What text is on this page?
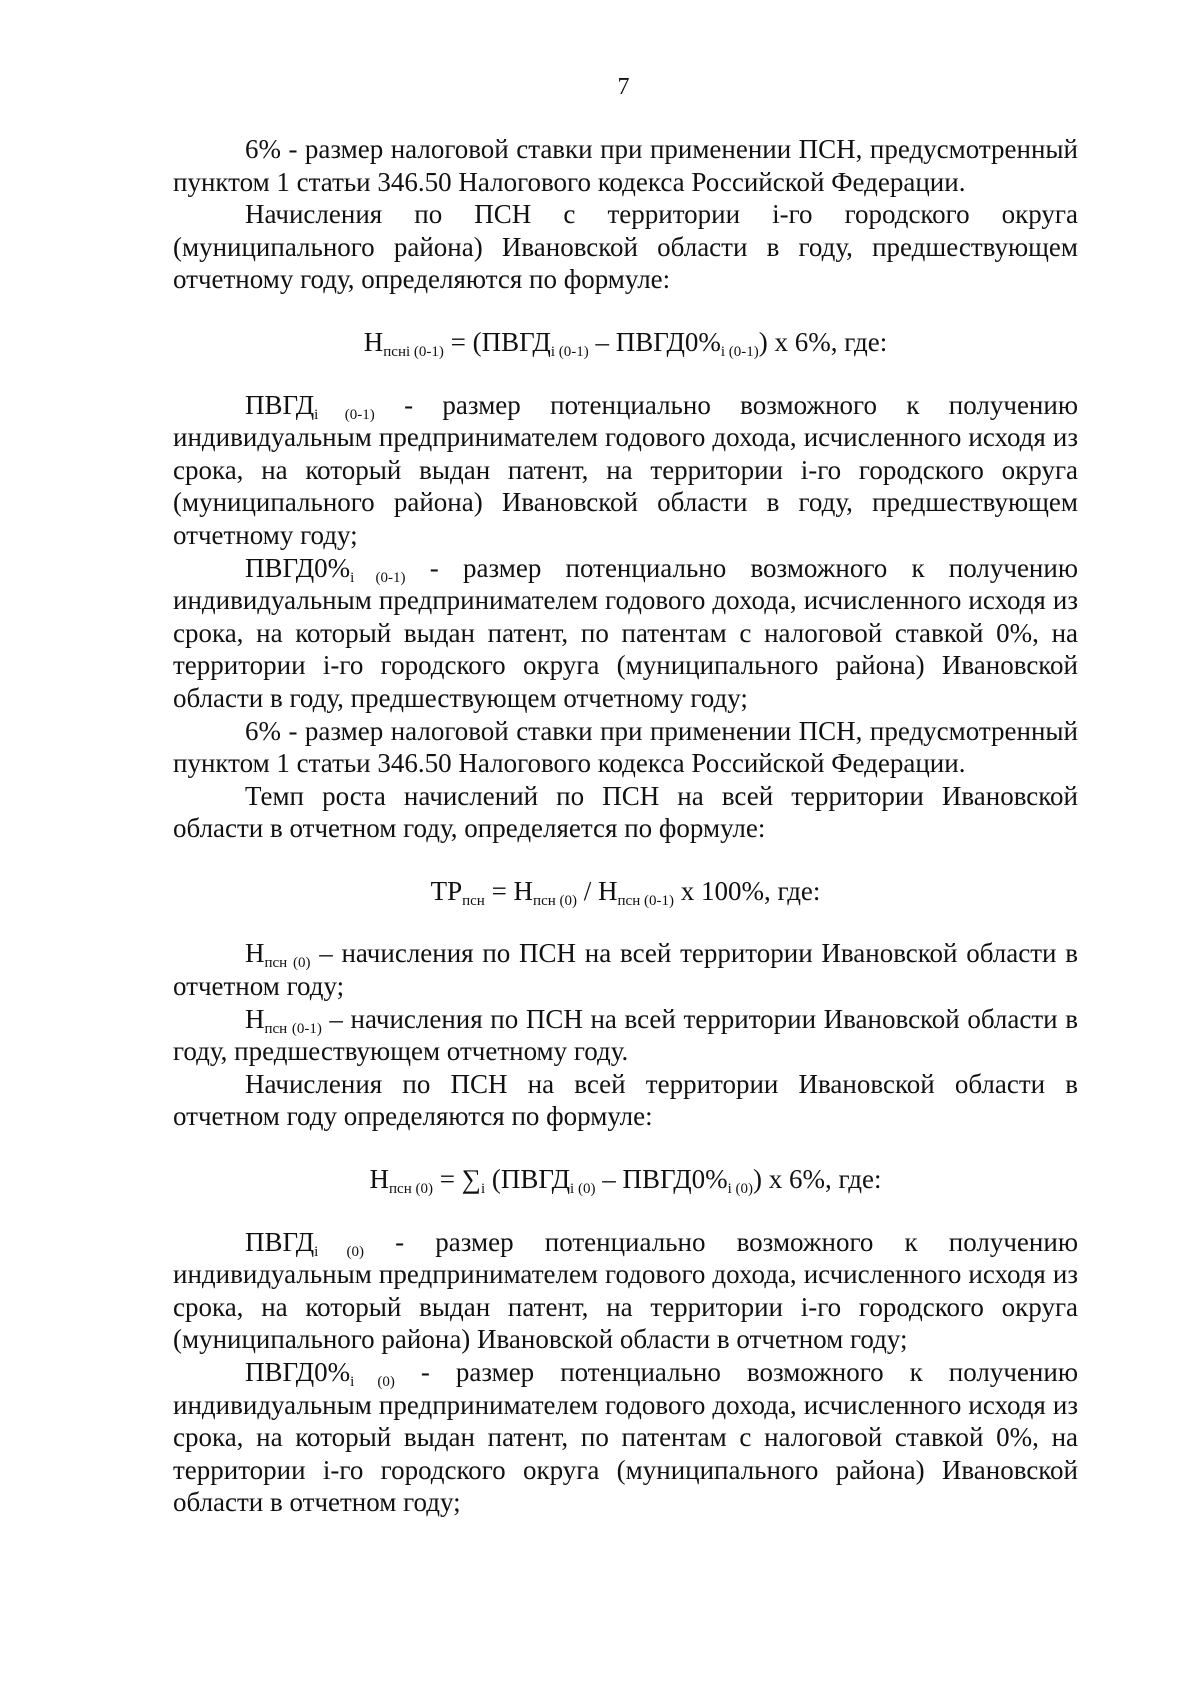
7

6% - размер налоговой ставки при применении ПСН, предусмотренный пунктом 1 статьи 346.50 Налогового кодекса Российской Федерации.

Начисления по ПСН с территории i-го городского округа (муниципального района) Ивановской области в году, предшествующем отчетному году, определяются по формуле:

$Н_{псні (0-1)}$ = ($ПВГД_{i (0-1)}$ – $ПВГД0\%_{i (0-1)}$) x 6%, где:

$ПВГД_{i (0-1)}$ - размер потенциально возможного к получению индивидуальным предпринимателем годового дохода, исчисленного исходя из срока, на который выдан патент, на территории i-го городского округа (муниципального района) Ивановской области в году, предшествующем отчетному году;

$ПВГД0\%_{i (0-1)}$ - размер потенциально возможного к получению индивидуальным предпринимателем годового дохода, исчисленного исходя из срока, на который выдан патент, по патентам с налоговой ставкой 0%, на территории i-го городского округа (муниципального района) Ивановской области в году, предшествующем отчетному году;

6% - размер налоговой ставки при применении ПСН, предусмотренный пунктом 1 статьи 346.50 Налогового кодекса Российской Федерации.

Темп роста начислений по ПСН на всей территории Ивановской области в отчетном году, определяется по формуле:

$ТР_{псн} = Н_{псн (0)} / Н_{псн (0-1)}$ x 100%, где:

$Н_{псн (0)}$ – начисления по ПСН на всей территории Ивановской области в отчетном году;

$Н_{псн (0-1)}$ – начисления по ПСН на всей территории Ивановской области в году, предшествующем отчетному году.

Начисления по ПСН на всей территории Ивановской области в отчетном году определяются по формуле:

$Н_{псн (0)} = \sum_i$ ($ПВГД_{i (0)}$ – $ПВГД0\%_{i (0)}$) x 6%, где:

$ПВГД_{i (0)}$ - размер потенциально возможного к получению индивидуальным предпринимателем годового дохода, исчисленного исходя из срока, на который выдан патент, на территории i-го городского округа (муниципального района) Ивановской области в отчетном году;

$ПВГД0\%_{i (0)}$ - размер потенциально возможного к получению индивидуальным предпринимателем годового дохода, исчисленного исходя из срока, на который выдан патент, по патентам с налоговой ставкой 0%, на территории i-го городского округа (муниципального района) Ивановской области в отчетном году;
